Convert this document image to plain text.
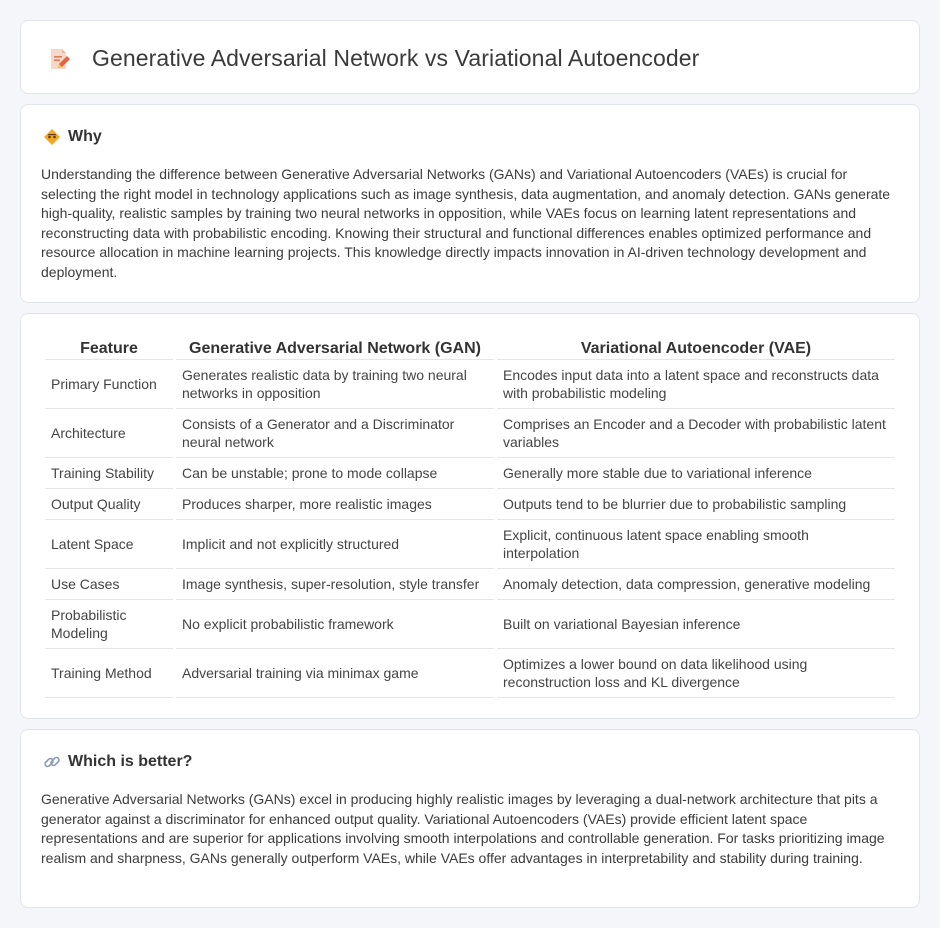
Generative Adversarial Network vs Variational Autoencoder
Why

Understanding the difference between Generative Adversarial Networks (GANs) and Variational Autoencoders (VAEs) is crucial for selecting the right model in technology applications such as image synthesis, data augmentation, and anomaly detection. GANs generate high-quality, realistic samples by training two neural networks in opposition, while VAEs focus on learning latent representations and reconstructing data with probabilistic encoding. Knowing their structural and functional differences enables optimized performance and resource allocation in machine learning projects. This knowledge directly impacts innovation in AI-driven technology development and deployment.

Feature	Generative Adversarial Network (GAN)	Variational Autoencoder (VAE)
Primary Function	Generates realistic data by training two neural networks in opposition	Encodes input data into a latent space and reconstructs data with probabilistic modeling
Architecture	Consists of a Generator and a Discriminator neural network	Comprises an Encoder and a Decoder with probabilistic latent variables
Training Stability	Can be unstable; prone to mode collapse	Generally more stable due to variational inference
Output Quality	Produces sharper, more realistic images	Outputs tend to be blurrier due to probabilistic sampling
Latent Space	Implicit and not explicitly structured	Explicit, continuous latent space enabling smooth interpolation
Use Cases	Image synthesis, super-resolution, style transfer	Anomaly detection, data compression, generative modeling
Probabilistic Modeling	No explicit probabilistic framework	Built on variational Bayesian inference
Training Method	Adversarial training via minimax game	Optimizes a lower bound on data likelihood using reconstruction loss and KL divergence
Which is better?

Generative Adversarial Networks (GANs) excel in producing highly realistic images by leveraging a dual-network architecture that pits a generator against a discriminator for enhanced output quality. Variational Autoencoders (VAEs) provide efficient latent space representations and are superior for applications involving smooth interpolations and controllable generation. For tasks prioritizing image realism and sharpness, GANs generally outperform VAEs, while VAEs offer advantages in interpretability and stability during training.
